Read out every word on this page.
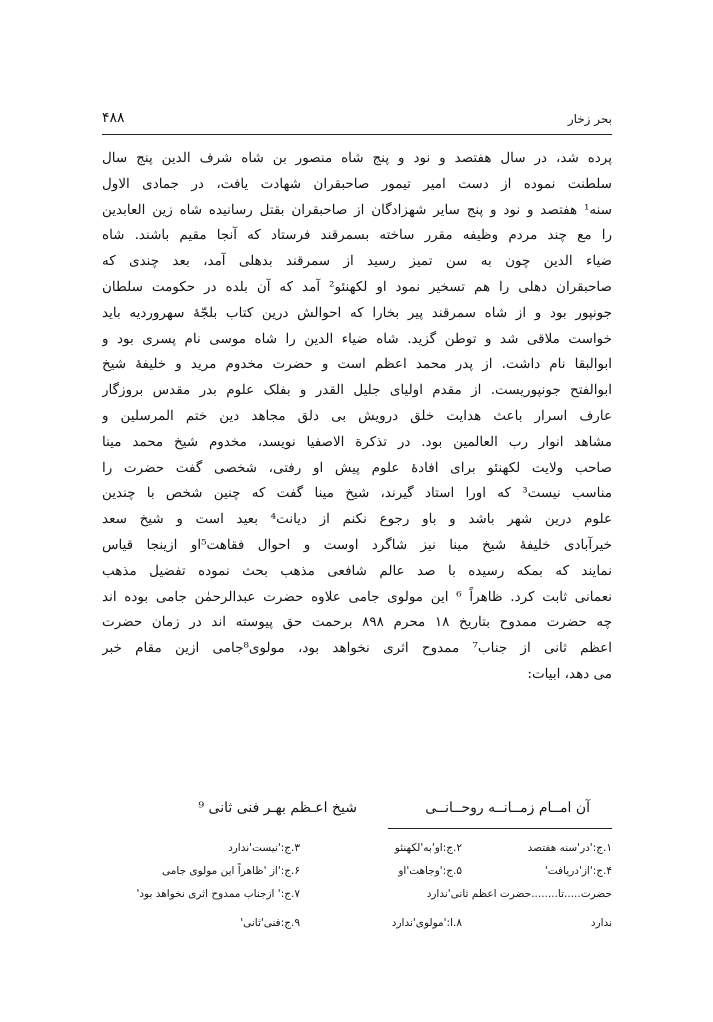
بحر زخار
۴۸۸
پرده شد، در سال هفتصد و نود و پنج شاه منصور بن شاه شرف الدین پنج سال
سلطنت نموده از دست امیر تیمور صاحبقران شهادت یافت، در جمادی الاول
سنه¹ هفتصد و نود و پنج سایر شهزادگان از صاحبقران بقتل رسانیده شاه زین العابدین
را مع چند مردم وظیفه مقرر ساخته بسمرقند فرستاد که آنجا مقیم باشند. شاه
ضیاء الدین چون به سن تمیز رسید از سمرقند بدهلی آمد، بعد چندی که
صاحبقران دهلی را هم تسخیر نمود او لکهنئو² آمد که آن بلده در حکومت سلطان
جونپور بود و از شاه سمرقند پیر بخارا که احوالش درین کتاب بلجّهٔ سهروردیه باید
خواست ملاقی شد و توطن گزید. شاه ضیاء الدین را شاه موسی نام پسری بود و
ابوالبقا نام داشت. از پدر محمد اعظم است و حضرت مخدوم مرید و خلیفهٔ شیخ
ابوالفتح جونپوریست. از مقدم اولیای جلیل القدر و بفلک علوم بدر مقدس بروزگار
عارف اسرار باعث هدایت خلق درویش بی دلق مجاهد دین ختم المرسلین و
مشاهد انوار رب العالمین بود. در تذکرة الاصفیا نویسد، مخدوم شیخ محمد مینا
صاحب ولایت لکهنئو برای افادهٔ علوم پیش او رفتی، شخصی گفت حضرت را
مناسب نیست³ که اورا استاد گیرند، شیخ مینا گفت که چنین شخص با چندین
علوم درین شهر باشد و باو رجوع نکنم از دیانت⁴ بعید است و شیخ سعد
خیرآبادی خلیفهٔ شیخ مینا نیز شاگرد اوست و احوال فقاهت⁵او ازینجا قیاس
نمایند که بمکه رسیده با صد عالم شافعی مذهب بحث نموده تفضیل مذهب
نعمانی ثابت کرد. ظاهراً ⁶ این مولوی جامی علاوه حضرت عبدالرحمٰن جامی بوده اند
چه حضرت ممدوح بتاریخ ۱۸ محرم ۸۹۸ برحمت حق پیوسته اند در زمان حضرت
اعظم ثانی از جناب⁷ ممدوح اثری نخواهد بود، مولوی⁸جامی ازین مقام خبر
می دهد، ابیات:
آن امــام زمــانــه روحــانــی
شیخ اعـظم بهـر فنی ثانی ⁹
۱.ج:'در'سنه هفتصد
۲.ج:او'به'لکهنئو
۳.ج:'نیست'ندارد
۴.ج:'از'دریافت'
۵.ج:'وجاهت'او
۶.ج:'از 'ظاهراً این مولوی جامی
حضرت.....تا........حضرت اعظم ثانی'ندارد
۷.ج:' ازجناب ممدوح اثری نخواهد بود'
ندارد
۸.ا:'مولوی'ندارد
۹.ج:فنی'ثانی'
